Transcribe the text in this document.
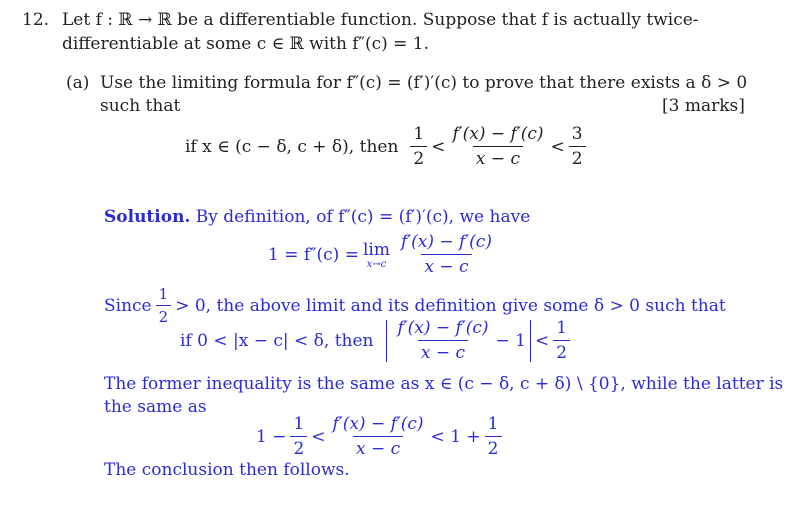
12. Let f : ℝ → ℝ be a differentiable function. Suppose that f is actually twice-
differentiable at some c ∈ ℝ with f″(c) = 1.
(a) Use the limiting formula for f″(c) = (f′)′(c) to prove that there exists a δ > 0
such that	[3 marks]
if x ∈ (c − δ, c + δ), then $\frac{1}{2} < \frac{f'(x) - f'(c)}{x - c} < \frac{3}{2}$
Solution. By definition, of f″(c) = (f′)′(c), we have
1 = f″(c) = lim
$x\to c \frac{f'(x) - f'(c)}{x - c}$
Since $\frac{1}{2} > 0$, the above limit and its definition give some δ > 0 such that
if 0 < |x − c| < δ, then $\frac{f'(x) - f'(c)}{x - c} - 1 < \frac{1}{2}$
The former inequality is the same as x ∈ (c − δ, c + δ) \ {0}, while the latter is
the same as
$1 - \frac{1}{2} < \frac{f'(x) - f'(c)}{x - c} < 1 + \frac{1}{2}$
The conclusion then follows.
